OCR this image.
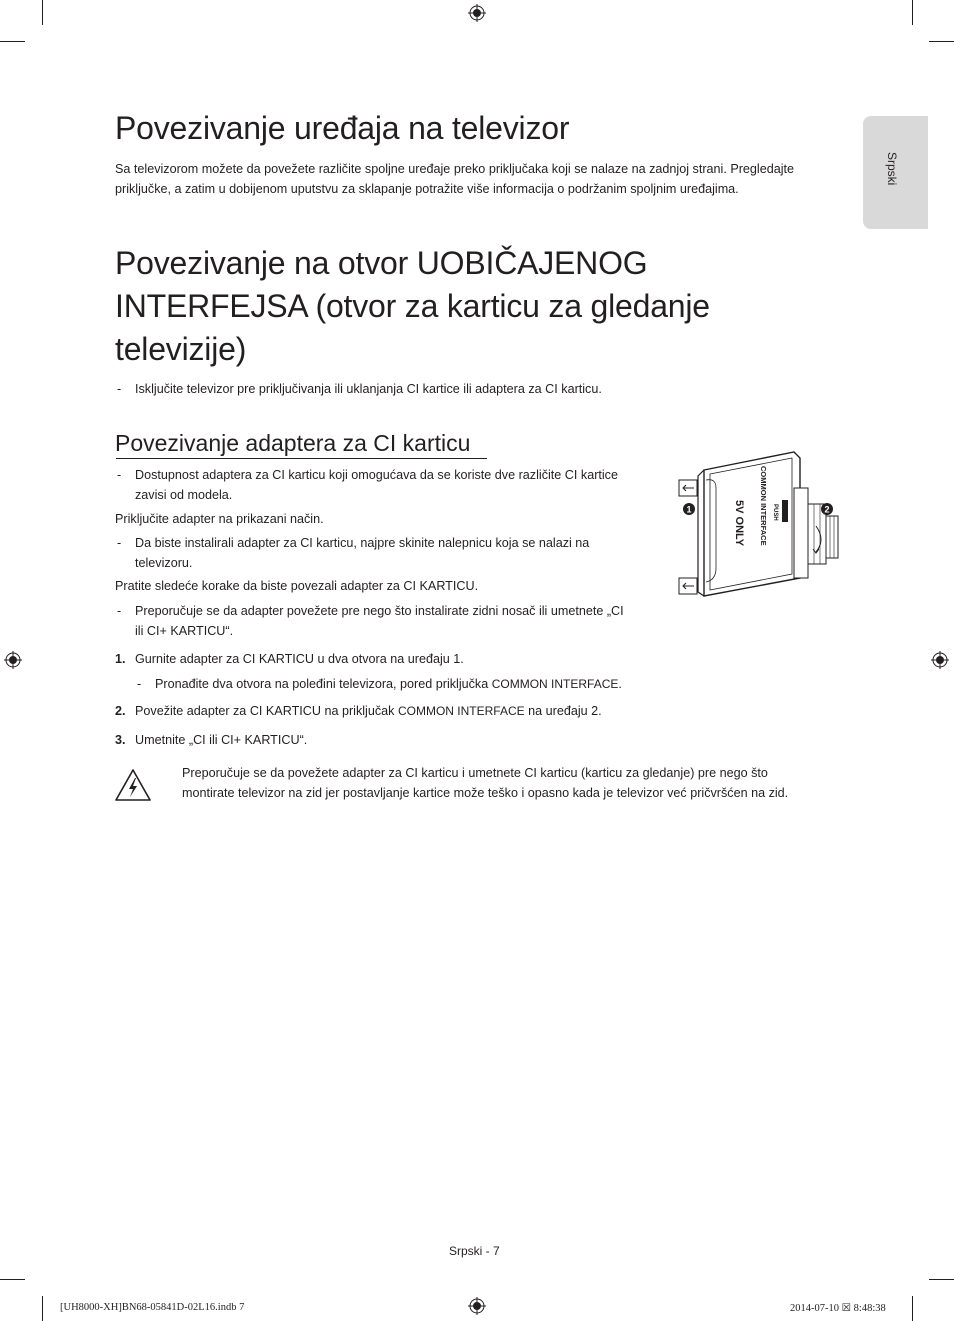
Srpski
Povezivanje uređaja na televizor

Sa televizorom možete da povežete različite spoljne uređaje preko priključaka koji se nalaze na zadnjoj strani. Pregledajte priključke, a zatim u dobijenom uputstvu za sklapanje potražite više informacija o podržanim spoljnim uređajima.

Povezivanje na otvor UOBIČAJENOG
INTERFEJSA (otvor za karticu za gledanje
televizije)
- Isključite televizor pre priključivanja ili uklanjanja CI kartice ili adaptera za CI karticu.
Povezivanje adaptera za CI karticu
- Dostupnost adaptera za CI karticu koji omogućava da se koriste dve različite CI kartice
zavisi od modela.

Priključite adapter na prikazani način.

- Da biste instalirali adapter za CI karticu, najpre skinite nalepnicu koja se nalazi na
televizoru.

Pratite sledeće korake da biste povezali adapter za CI KARTICU.

- Preporučuje se da adapter povežete pre nego što instalirate zidni nosač ili umetnete „CI
ili CI+ KARTICU“.
1. Gurnite adapter za CI KARTICU u dva otvora na uređaju 1.
- Pronađite dva otvora na poleđini televizora, pored priključka COMMON INTERFACE.
2. Povežite adapter za CI KARTICU na priključak COMMON INTERFACE na uređaju 2.
3. Umetnite „CI ili CI+ KARTICU“.
Preporučuje se da povežete adapter za CI karticu i umetnete CI karticu (karticu za gledanje) pre nego što
montirate televizor na zid jer postavljanje kartice može teško i opasno kada je televizor već pričvršćen na zid.
1	2
COMMON INTERFACE
5V ONLY	PUSH
Srpski - 7
[UH8000-XH]BN68-05841D-02L16.indb 7	2014-07-10 ☒ 8:48:38
